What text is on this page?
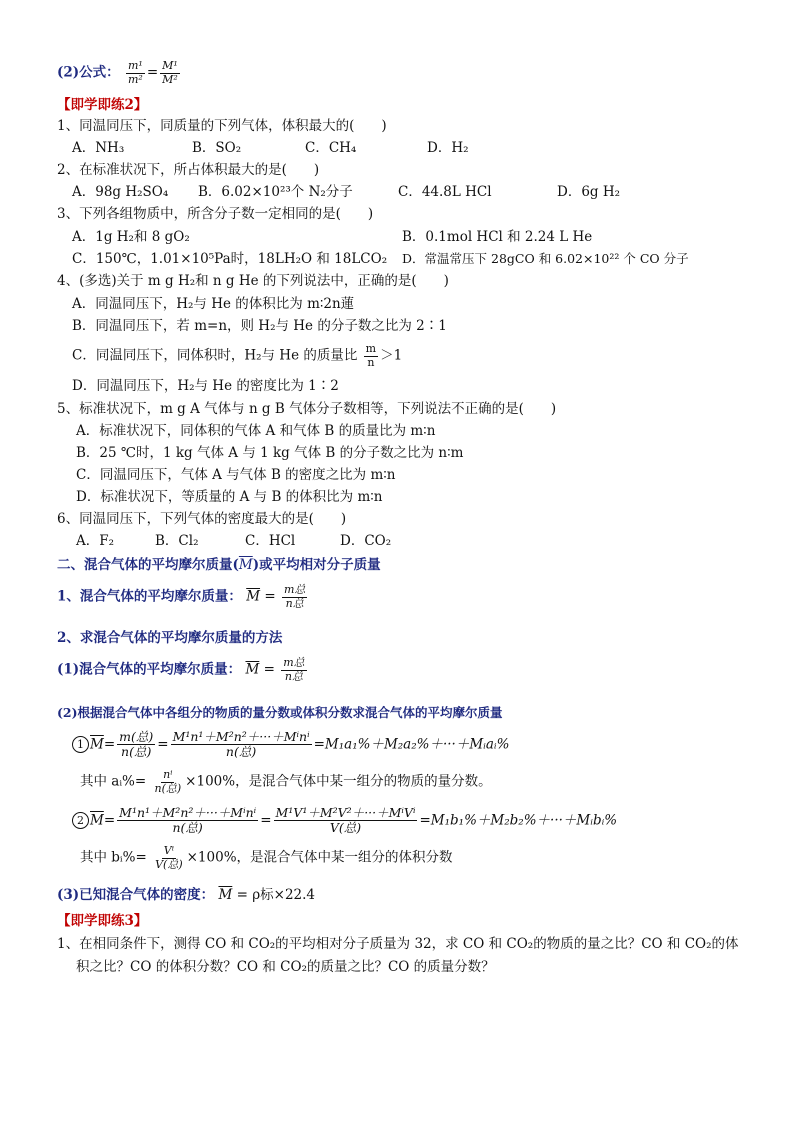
(2)公式： $\frac{\text{m¹}}{\text{m²}} = \frac{\text{M¹}}{\text{M²}}$
【即学即练2】
1、同温同压下，同质量的下列气体，体积最大的(　　)
A．NH₃	B．SO₂	C．CH₄	D．H₂
2、在标准状况下，所占体积最大的是(　　)
A．98g H₂SO₄ B．6.02×10²³个 N₂分子	C．44.8L HCl	D．6g H₂
3、下列各组物质中，所含分子数一定相同的是(　　)
A．1g H₂和 8 gO₂	B．0.1mol HCl 和 2.24 L He
C．150℃，1.01×10⁵Pa时，18LH₂O 和 18LCO₂ D．常温常压下 28gCO 和 6.02×10²² 个 CO 分子
4、(多选)关于 m g H₂和 n g He 的下列说法中，正确的是(　　)
A．同温同压下，H₂与 He 的体积比为 m∶2n蓮
B．同温同压下，若 m=n，则 H₂与 He 的分子数之比为 2∶1
C．同温同压下，同体积时，H₂与 He 的质量比 $\frac{m}{n} >1$
D．同温同压下，H₂与 He 的密度比为 1∶2
5、标准状况下，m g A 气体与 n g B 气体分子数相等，下列说法不正确的是(　　)
A．标准状况下，同体积的气体 A 和气体 B 的质量比为 m∶n
B．25 ℃时，1 kg 气体 A 与 1 kg 气体 B 的分子数之比为 n∶m
C．同温同压下，气体 A 与气体 B 的密度之比为 m∶n
D．标准状况下，等质量的 A 与 B 的体积比为 m∶n
6、同温同压下，下列气体的密度最大的是(　　)
A．F₂	B．Cl₂	C．HCl	D．CO₂
二、混合气体的平均摩尔质量$(\overline{M})$或平均相对分子质量
1、混合气体的平均摩尔质量： $\overline{M} = \frac{\text{m总}}{\text{n总}}$
2、求混合气体的平均摩尔质量的方法
(1)混合气体的平均摩尔质量： $\overline{M} = \frac{\text{m总}}{\text{n总}}$
(2)根据混合气体中各组分的物质的量分数或体积分数求混合气体的平均摩尔质量
1 $\overline{M}= \frac{\text{m(总)}}{\text{n(总)}} = \frac{\text{M¹n¹＋M²n²＋···＋Mⁱnⁱ}}{\text{n(总)}}$ =M₁a₁%＋M₂a₂%＋···＋Mᵢaᵢ%
其中 aᵢ%= $\frac{\text{nⁱ}}{\text{n(总)}} \times 100\%$，是混合气体中某一组分的物质的量分数。
2 $\overline{M}= \frac{\text{M¹n¹＋M²n²＋···＋Mⁱnⁱ}}{\text{n(总)}} = \frac{\text{M¹V¹＋M²V²＋···＋MⁱVⁱ}}{\text{V(总)}}$ =M₁b₁%＋M₂b₂%＋···＋Mᵢbᵢ%
其中 bᵢ%= $\frac{\text{Vⁱ}}{\text{V(总)}} \times 100\%$，是混合气体中某一组分的体积分数
(3)已知混合气体的密度： $\overline{M} = \rho$标×22.4
【即学即练3】
1、在相同条件下，测得 CO 和 CO₂的平均相对分子质量为 32，求 CO 和 CO₂的物质的量之比？CO 和 CO₂的体
积之比？CO 的体积分数？CO 和 CO₂的质量之比？CO 的质量分数？
